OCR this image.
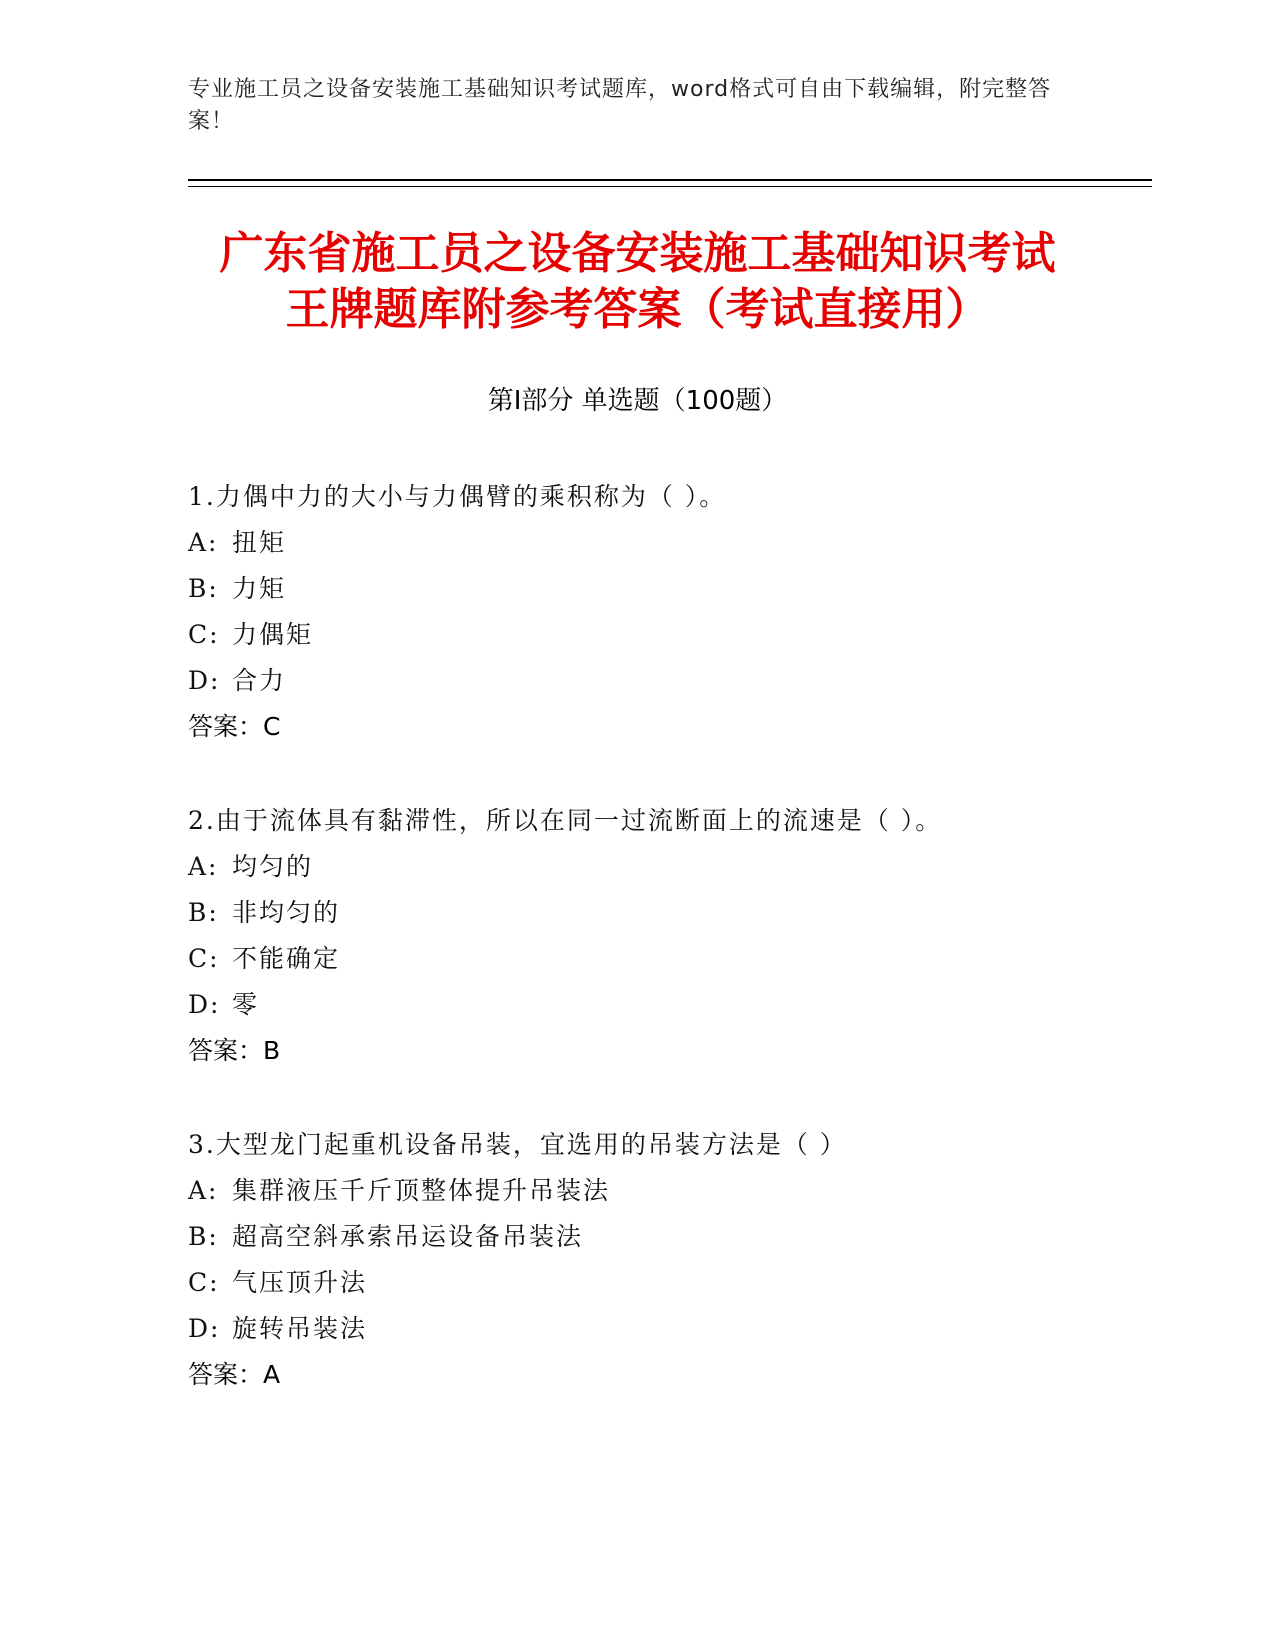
专业施工员之设备安装施工基础知识考试题库，word格式可自由下载编辑，附完整答案！
广东省施工员之设备安装施工基础知识考试
王牌题库附参考答案（考试直接用）
第Ⅰ部分 单选题（100题）
1.力偶中力的大小与力偶臂的乘积称为（ ）。
A: 扭矩
B: 力矩
C: 力偶矩
D: 合力
答案：C
2.由于流体具有黏滞性，所以在同一过流断面上的流速是（ ）。
A: 均匀的
B: 非均匀的
C: 不能确定
D: 零
答案：B
3.大型龙门起重机设备吊装，宜选用的吊装方法是（ ）
A: 集群液压千斤顶整体提升吊装法
B: 超高空斜承索吊运设备吊装法
C: 气压顶升法
D: 旋转吊装法
答案：A
